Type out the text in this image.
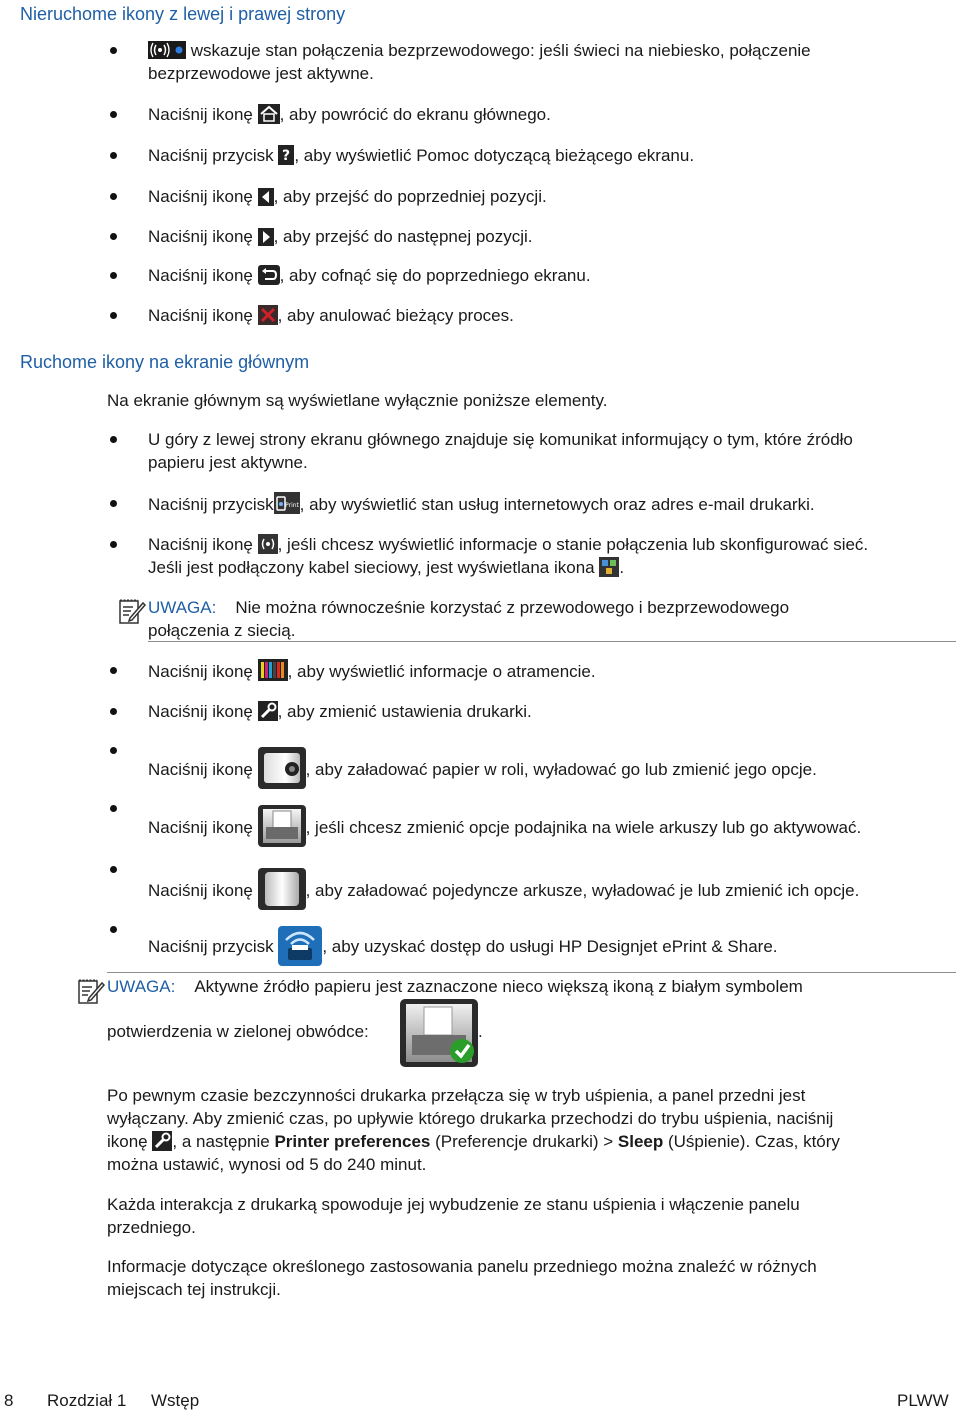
Nieruchome ikony z lewej i prawej strony
wskazuje stan połączenia bezprzewodowego: jeśli świeci na niebiesko, połączenie
bezprzewodowe jest aktywne.
Naciśnij ikonę , aby powrócić do ekranu głównego.
Naciśnij przycisk ? , aby wyświetlić Pomoc dotyczącą bieżącego ekranu.
Naciśnij ikonę , aby przejść do poprzedniej pozycji.
Naciśnij ikonę , aby przejść do następnej pozycji.
Naciśnij ikonę , aby cofnąć się do poprzedniego ekranu.
Naciśnij ikonę , aby anulować bieżący proces.
Ruchome ikony na ekranie głównym
Na ekranie głównym są wyświetlane wyłącznie poniższe elementy.
U góry z lewej strony ekranu głównego znajduje się komunikat informujący o tym, które źródło
papieru jest aktywne.
Naciśnij przycisk Print , aby wyświetlić stan usług internetowych oraz adres e-mail drukarki.
Naciśnij ikonę , jeśli chcesz wyświetlić informacje o stanie połączenia lub skonfigurować sieć.
Jeśli jest podłączony kabel sieciowy, jest wyświetlana ikona .
UWAGA: Nie można równocześnie korzystać z przewodowego i bezprzewodowego
połączenia z siecią.
Naciśnij ikonę , aby wyświetlić informacje o atramencie.
Naciśnij ikonę , aby zmienić ustawienia drukarki.
Naciśnij ikonę	, aby załadować papier w roli, wyładować go lub zmienić jego opcje.
Naciśnij ikonę	, jeśli chcesz zmienić opcje podajnika na wiele arkuszy lub go aktywować.
Naciśnij ikonę	, aby załadować pojedyncze arkusze, wyładować je lub zmienić ich opcje.
Naciśnij przycisk	, aby uzyskać dostęp do usługi HP Designjet ePrint & Share.
UWAGA: Aktywne źródło papieru jest zaznaczone nieco większą ikoną z białym symbolem
potwierdzenia w zielonej obwódce:	.
Po pewnym czasie bezczynności drukarka przełącza się w tryb uśpienia, a panel przedni jest
wyłączany. Aby zmienić czas, po upływie którego drukarka przechodzi do trybu uśpienia, naciśnij
ikonę , a następnie Printer preferences (Preferencje drukarki) > Sleep (Uśpienie). Czas, który
można ustawić, wynosi od 5 do 240 minut.
Każda interakcja z drukarką spowoduje jej wybudzenie ze stanu uśpienia i włączenie panelu
przedniego.
Informacje dotyczące określonego zastosowania panelu przedniego można znaleźć w różnych
miejscach tej instrukcji.
8 Rozdział 1 Wstęp	PLWW
